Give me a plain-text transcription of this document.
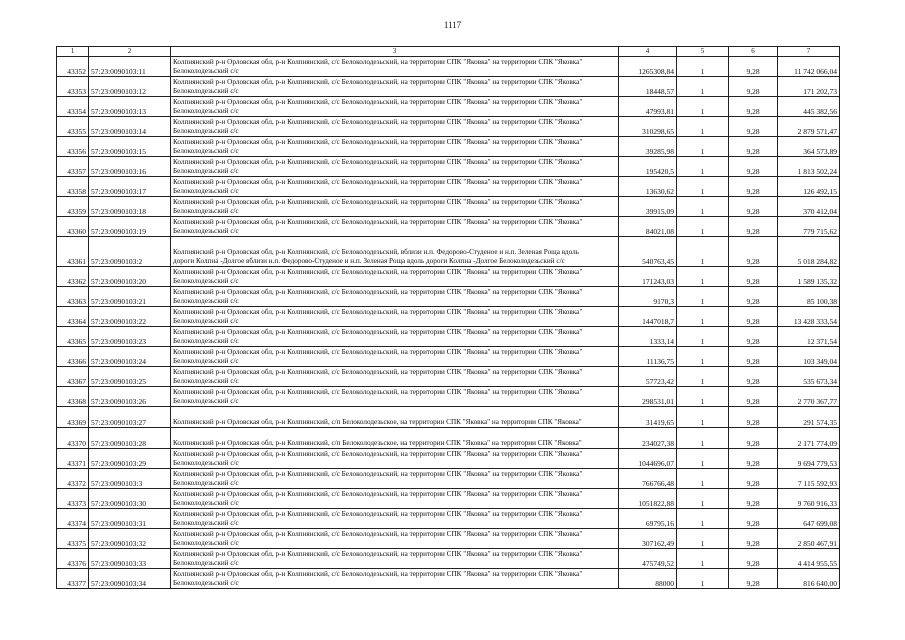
1117
1	2	3	4	5	6	7
43352	57:23:0090103:11	Колпнянский р-н Орловская обл, р-н Колпнянский, с/с Белоколодезьский, на территории СПК "Яковка" на территории СПК "Яковка"
Белоколодезьский с/с	1265308,84	1	9,28	11 742 066,04
43353	57:23:0090103:12	Колпнянский р-н Орловская обл, р-н Колпнянский, с/с Белоколодезьский, на территории СПК "Яковка" на территории СПК "Яковка"
Белоколодезьский с/с	18448,57	1	9,28	171 202,73
43354	57:23:0090103:13	Колпнянский р-н Орловская обл, р-н Колпнянский, с/с Белоколодезьский, на территории СПК "Яковка" на территории СПК "Яковка"
Белоколодезьский с/с	47993,81	1	9,28	445 382,56
43355	57:23:0090103:14	Колпнянский р-н Орловская обл, р-н Колпнянский, с/с Белоколодезьский, на территории СПК "Яковка" на территории СПК "Яковка"
Белоколодезьский с/с	310298,65	1	9,28	2 879 571,47
43356	57:23:0090103:15	Колпнянский р-н Орловская обл, р-н Колпнянский, с/с Белоколодезьский, на территории СПК "Яковка" на территории СПК "Яковка"
Белоколодезьский с/с	39285,98	1	9,28	364 573,89
43357	57:23:0090103:16	Колпнянский р-н Орловская обл, р-н Колпнянский, с/с Белоколодезьский, на территории СПК "Яковка" на территории СПК "Яковка"
Белоколодезьский с/с	195420,5	1	9,28	1 813 502,24
43358	57:23:0090103:17	Колпнянский р-н Орловская обл, р-н Колпнянский, с/с Белоколодезьский, на территории СПК "Яковка" на территории СПК "Яковка"
Белоколодезьский с/с	13630,62	1	9,28	126 492,15
43359	57:23:0090103:18	Колпнянский р-н Орловская обл, р-н Колпнянский, с/с Белоколодезьский, на территории СПК "Яковка" на территории СПК "Яковка"
Белоколодезьский с/с	39915,09	1	9,28	370 412,04
43360	57:23:0090103:19	Колпнянский р-н Орловская обл, р-н Колпнянский, с/с Белоколодезьский, на территории СПК "Яковка" на территории СПК "Яковка"
Белоколодезьский с/с	84021,08	1	9,28	779 715,62
43361	57:23:0090103:2	Колпнянский р-н Орловская обл, р-н Колпнянский, с/с Белоколодезьский, вблизи н.п. Федорово-Студеное и н.п. Зеленая Роща вдоль
дороги Колпна -Долгое вблизи н.п. Федорово-Студеное и н.п. Зеленая Роща вдоль дороги Колпна -Долгое Белоколодезьский с/с	540763,45	1	9,28	5 018 284,82
43362	57:23:0090103:20	Колпнянский р-н Орловская обл, р-н Колпнянский, с/с Белоколодезьский, на территории СПК "Яковка" на территории СПК "Яковка"
Белоколодезьский с/с	171243,03	1	9,28	1 589 135,32
43363	57:23:0090103:21	Колпнянский р-н Орловская обл, р-н Колпнянский, с/с Белоколодезьский, на территории СПК "Яковка" на территории СПК "Яковка"
Белоколодезьский с/с	9170,3	1	9,28	85 100,38
43364	57:23:0090103:22	Колпнянский р-н Орловская обл, р-н Колпнянский, с/с Белоколодезьский, на территории СПК "Яковка" на территории СПК "Яковка"
Белоколодезьский с/с	1447018,7	1	9,28	13 428 333,54
43365	57:23:0090103:23	Колпнянский р-н Орловская обл, р-н Колпнянский, с/с Белоколодезьский, на территории СПК "Яковка" на территории СПК "Яковка"
Белоколодезьский с/с	1333,14	1	9,28	12 371,54
43366	57:23:0090103:24	Колпнянский р-н Орловская обл, р-н Колпнянский, с/с Белоколодезьский, на территории СПК "Яковка" на территории СПК "Яковка"
Белоколодезьский с/с	11136,75	1	9,28	103 349,04
43367	57:23:0090103:25	Колпнянский р-н Орловская обл, р-н Колпнянский, с/с Белоколодезьский, на территории СПК "Яковка" на территории СПК "Яковка"
Белоколодезьский с/с	57723,42	1	9,28	535 673,34
43368	57:23:0090103:26	Колпнянский р-н Орловская обл, р-н Колпнянский, с/с Белоколодезьский, на территории СПК "Яковка" на территории СПК "Яковка"
Белоколодезьский с/с	298531,01	1	9,28	2 770 367,77
43369	57:23:0090103:27	Колпнянский р-н Орловская обл, р-н Колпнянский, с/п Белоколодезьское, на территории СПК "Яковка" на территории СПК "Яковка"	31419,65	1	9,28	291 574,35
43370	57:23:0090103:28	Колпнянский р-н Орловская обл, р-н Колпнянский, с/п Белоколодезьское, на территории СПК "Яковка" на территории СПК "Яковка"	234027,38	1	9,28	2 171 774,09
43371	57:23:0090103:29	Колпнянский р-н Орловская обл, р-н Колпнянский, с/с Белоколодезьский, на территории СПК "Яковка" на территории СПК "Яковка"
Белоколодезьский с/с	1044696,07	1	9,28	9 694 779,53
43372	57:23:0090103:3	Колпнянский р-н Орловская обл, р-н Колпнянский, с/с Белоколодезьский, на территории СПК "Яковка" на территории СПК "Яковка"
Белоколодезьский с/с	766766,48	1	9,28	7 115 592,93
43373	57:23:0090103:30	Колпнянский р-н Орловская обл, р-н Колпнянский, с/с Белоколодезьский, на территории СПК "Яковка" на территории СПК "Яковка"
Белоколодезьский с/с	1051822,88	1	9,28	9 760 916,33
43374	57:23:0090103:31	Колпнянский р-н Орловская обл, р-н Колпнянский, с/с Белоколодезьский, на территории СПК "Яковка" на территории СПК "Яковка"
Белоколодезьский с/с	69795,16	1	9,28	647 699,08
43375	57:23:0090103:32	Колпнянский р-н Орловская обл, р-н Колпнянский, с/с Белоколодезьский, на территории СПК "Яковка" на территории СПК "Яковка"
Белоколодезьский с/с	307162,49	1	9,28	2 850 467,91
43376	57:23:0090103:33	Колпнянский р-н Орловская обл, р-н Колпнянский, с/с Белоколодезьский, на территории СПК "Яковка" на территории СПК "Яковка"
Белоколодезьский с/с	475749,52	1	9,28	4 414 955,55
43377	57:23:0090103:34	Колпнянский р-н Орловская обл, р-н Колпнянский, с/с Белоколодезьский, на территории СПК "Яковка" на территории СПК "Яковка"
Белоколодезьский с/с	88000	1	9,28	816 640,00
